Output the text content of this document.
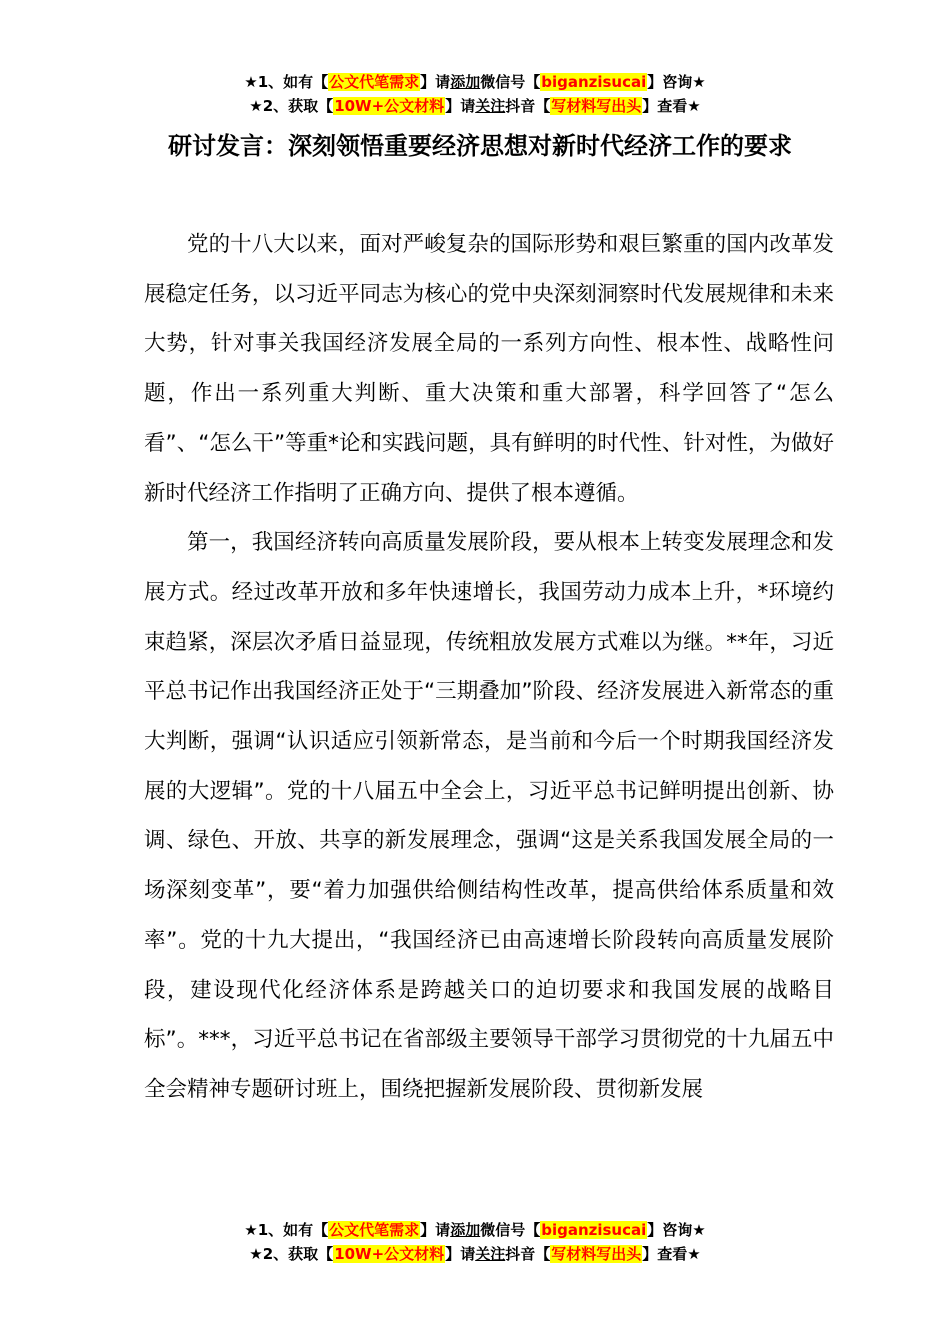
★1、如有【公文代笔需求】请添加微信号【biganzisucai】咨询★
★2、获取【10W+公文材料】请关注抖音【写材料写出头】查看★
研讨发言：深刻领悟重要经济思想对新时代经济工作的要求

党的十八大以来，面对严峻复杂的国际形势和艰巨繁重的国内改革发展稳定任务，以习近平同志为核心的党中央深刻洞察时代发展规律和未来大势，针对事关我国经济发展全局的一系列方向性、根本性、战略性问题，作出一系列重大判断、重大决策和重大部署，科学回答了“怎么看”、“怎么干”等重*论和实践问题，具有鲜明的时代性、针对性，为做好新时代经济工作指明了正确方向、提供了根本遵循。

第一，我国经济转向高质量发展阶段，要从根本上转变发展理念和发展方式。经过改革开放和多年快速增长，我国劳动力成本上升，*环境约束趋紧，深层次矛盾日益显现，传统粗放发展方式难以为继。**年，习近平总书记作出我国经济正处于“三期叠加”阶段、经济发展进入新常态的重大判断，强调“认识适应引领新常态，是当前和今后一个时期我国经济发展的大逻辑”。党的十八届五中全会上，习近平总书记鲜明提出创新、协调、绿色、开放、共享的新发展理念，强调“这是关系我国发展全局的一场深刻变革”，要“着力加强供给侧结构性改革，提高供给体系质量和效率”。党的十九大提出，“我国经济已由高速增长阶段转向高质量发展阶段，建设现代化经济体系是跨越关口的迫切要求和我国发展的战略目标”。***，习近平总书记在省部级主要领导干部学习贯彻党的十九届五中全会精神专题研讨班上，围绕把握新发展阶段、贯彻新发展

★1、如有【公文代笔需求】请添加微信号【biganzisucai】咨询★
★2、获取【10W+公文材料】请关注抖音【写材料写出头】查看★
